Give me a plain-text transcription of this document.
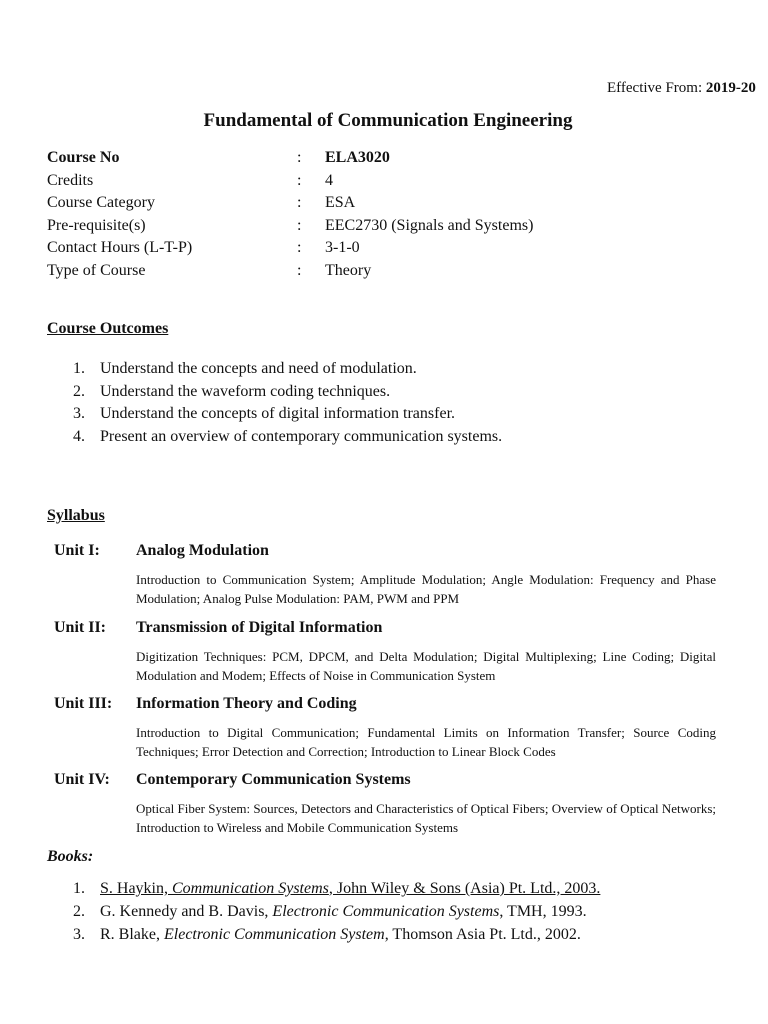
Effective From: 2019-20
Fundamental of Communication Engineering
Course No	:	ELA3020
Credits	:	4
Course Category	:	ESA
Pre-requisite(s)	:	EEC2730 (Signals and Systems)
Contact Hours (L-T-P)	:	3-1-0
Type of Course	:	Theory
Course Outcomes
1. Understand the concepts and need of modulation.
2. Understand the waveform coding techniques.
3. Understand the concepts of digital information transfer.
4. Present an overview of contemporary communication systems.
Syllabus
Unit I:	Analog Modulation
Introduction to Communication System; Amplitude Modulation; Angle Modulation: Frequency and Phase Modulation; Analog Pulse Modulation: PAM, PWM and PPM
Unit II:	Transmission of Digital Information
Digitization Techniques: PCM, DPCM, and Delta Modulation; Digital Multiplexing; Line Coding; Digital Modulation and Modem; Effects of Noise in Communication System
Unit III:	Information Theory and Coding
Introduction to Digital Communication; Fundamental Limits on Information Transfer; Source Coding Techniques; Error Detection and Correction; Introduction to Linear Block Codes
Unit IV:	Contemporary Communication Systems
Optical Fiber System: Sources, Detectors and Characteristics of Optical Fibers; Overview of Optical Networks; Introduction to Wireless and Mobile Communication Systems
Books:
1. S. Haykin, Communication Systems, John Wiley & Sons (Asia) Pt. Ltd., 2003.
2. G. Kennedy and B. Davis, Electronic Communication Systems, TMH, 1993.
3. R. Blake, Electronic Communication System, Thomson Asia Pt. Ltd., 2002.
